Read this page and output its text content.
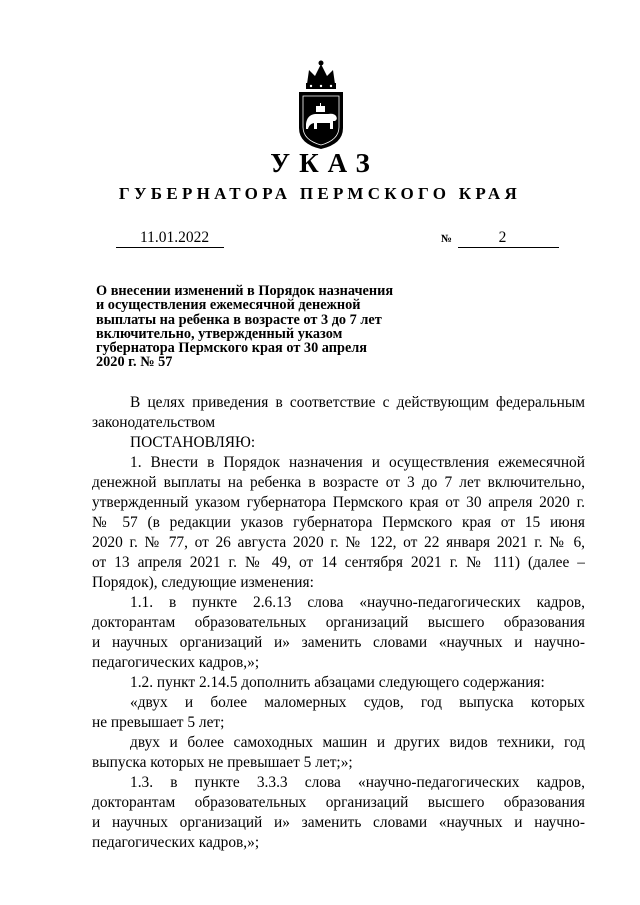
УКАЗ
ГУБЕРНАТОРА ПЕРМСКОГО КРАЯ
11.01.2022	№	2
О внесении изменений в Порядок назначения
и осуществления ежемесячной денежной
выплаты на ребенка в возрасте от 3 до 7 лет
включительно, утвержденный указом
губернатора Пермского края от 30 апреля
2020 г. № 57
В целях приведения в соответствие с действующим федеральным
законодательством
ПОСТАНОВЛЯЮ:
1. Внести в Порядок назначения и осуществления ежемесячной
денежной выплаты на ребенка в возрасте от 3 до 7 лет включительно,
утвержденный указом губернатора Пермского края от 30 апреля 2020 г.
№ 57 (в редакции указов губернатора Пермского края от 15 июня
2020 г. № 77, от 26 августа 2020 г. № 122, от 22 января 2021 г. № 6,
от 13 апреля 2021 г. № 49, от 14 сентября 2021 г. № 111) (далее –
Порядок), следующие изменения:
1.1. в пункте 2.6.13 слова «научно-педагогических кадров,
докторантам образовательных организаций высшего образования
и научных организаций и» заменить словами «научных и научно-
педагогических кадров,»;
1.2. пункт 2.14.5 дополнить абзацами следующего содержания:
«двух и более маломерных судов, год выпуска которых
не превышает 5 лет;
двух и более самоходных машин и других видов техники, год
выпуска которых не превышает 5 лет;»;
1.3. в пункте 3.3.3 слова «научно-педагогических кадров,
докторантам образовательных организаций высшего образования
и научных организаций и» заменить словами «научных и научно-
педагогических кадров,»;
